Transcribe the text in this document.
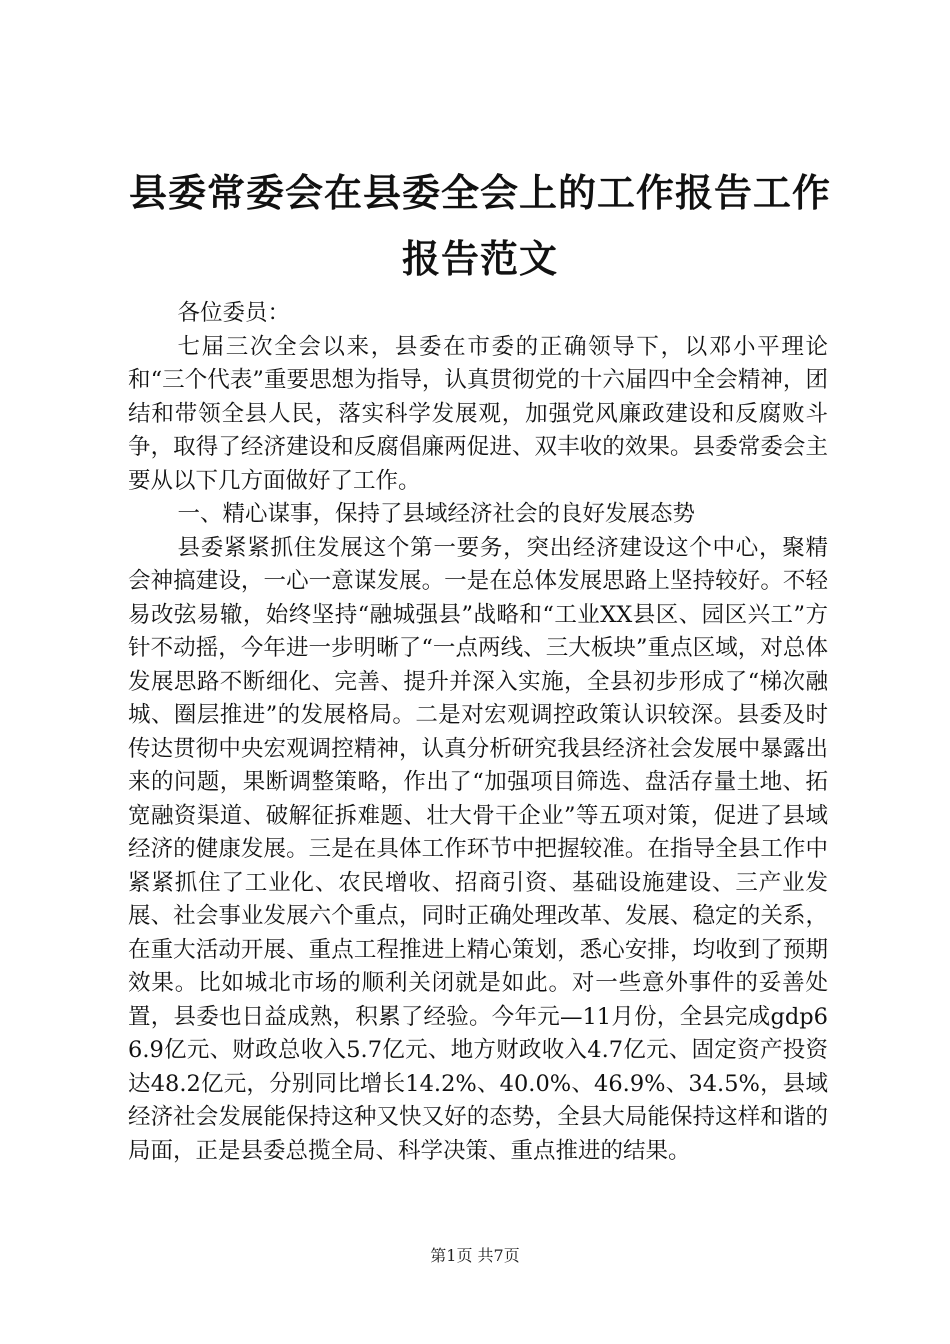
县委常委会在县委全会上的工作报告工作报告范文

各位委员：

七届三次全会以来，县委在市委的正确领导下，以邓小平理论和“三个代表”重要思想为指导，认真贯彻党的十六届四中全会精神，团结和带领全县人民，落实科学发展观，加强党风廉政建设和反腐败斗争，取得了经济建设和反腐倡廉两促进、双丰收的效果。县委常委会主要从以下几方面做好了工作。

一、精心谋事，保持了县域经济社会的良好发展态势

县委紧紧抓住发展这个第一要务，突出经济建设这个中心，聚精会神搞建设，一心一意谋发展。一是在总体发展思路上坚持较好。不轻易改弦易辙，始终坚持“融城强县”战略和“工业XX县区、园区兴工”方针不动摇，今年进一步明晰了“一点两线、三大板块”重点区域，对总体发展思路不断细化、完善、提升并深入实施，全县初步形成了“梯次融城、圈层推进”的发展格局。二是对宏观调控政策认识较深。县委及时传达贯彻中央宏观调控精神，认真分析研究我县经济社会发展中暴露出来的问题，果断调整策略，作出了“加强项目筛选、盘活存量土地、拓宽融资渠道、破解征拆难题、壮大骨干企业”等五项对策，促进了县域经济的健康发展。三是在具体工作环节中把握较准。在指导全县工作中紧紧抓住了工业化、农民增收、招商引资、基础设施建设、三产业发展、社会事业发展六个重点，同时正确处理改革、发展、稳定的关系，在重大活动开展、重点工程推进上精心策划，悉心安排，均收到了预期效果。比如城北市场的顺利关闭就是如此。对一些意外事件的妥善处置，县委也日益成熟，积累了经验。今年元—11月份，全县完成gdp66.9亿元、财政总收入5.7亿元、地方财政收入4.7亿元、固定资产投资达48.2亿元，分别同比增长14.2%、40.0%、46.9%、34.5%，县域经济社会发展能保持这种又快又好的态势，全县大局能保持这样和谐的局面，正是县委总揽全局、科学决策、重点推进的结果。

第1页 共7页
